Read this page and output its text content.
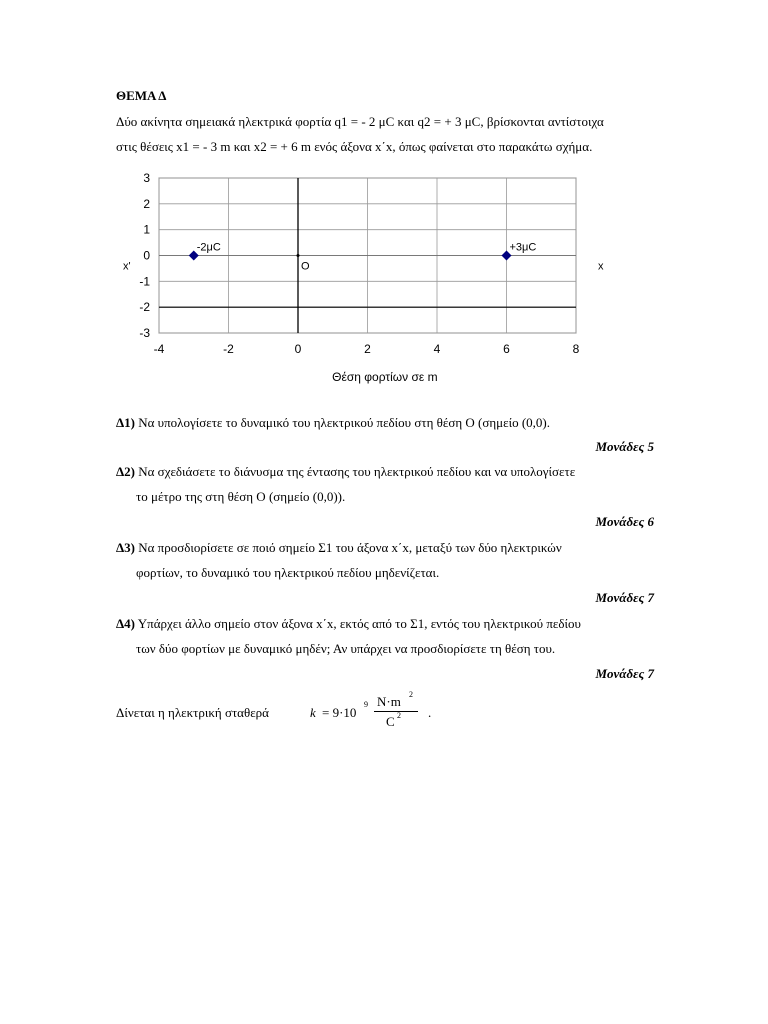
ΘΕΜΑ Δ
Δύο ακίνητα σημειακά ηλεκτρικά φορτία q1 = - 2 μC και q2 = + 3 μC, βρίσκονται αντίστοιχα
στις θέσεις x1 = - 3 m και x2 = + 6 m ενός άξονα x΄x, όπως φαίνεται στο παρακάτω σχήμα.
-4	-2	0	2	4	6	8
3
2
1
0
-1
-2
-3
x'	x
O
-2μC	+3μC
Θέση φορτίων σε m
Δ1) Να υπολογίσετε το δυναμικό του ηλεκτρικού πεδίου στη θέση O (σημείο (0,0).
Μονάδες 5
Δ2) Να σχεδιάσετε το διάνυσμα της έντασης του ηλεκτρικού πεδίου και να υπολογίσετε
το μέτρο της στη θέση O (σημείο (0,0)).
Μονάδες 6
Δ3) Να προσδιορίσετε σε ποιό σημείο Σ1 του άξονα x΄x, μεταξύ των δύο ηλεκτρικών
φορτίων, το δυναμικό του ηλεκτρικού πεδίου μηδενίζεται.
Μονάδες 7
Δ4) Υπάρχει άλλο σημείο στον άξονα x΄x, εκτός από το Σ1, εντός του ηλεκτρικού πεδίου
των δύο φορτίων με δυναμικό μηδέν; Αν υπάρχει να προσδιορίσετε τη θέση του.
Μονάδες 7
Δίνεται η ηλεκτρική σταθερά	k = 9·10
9 N·m 2
C 2 .
